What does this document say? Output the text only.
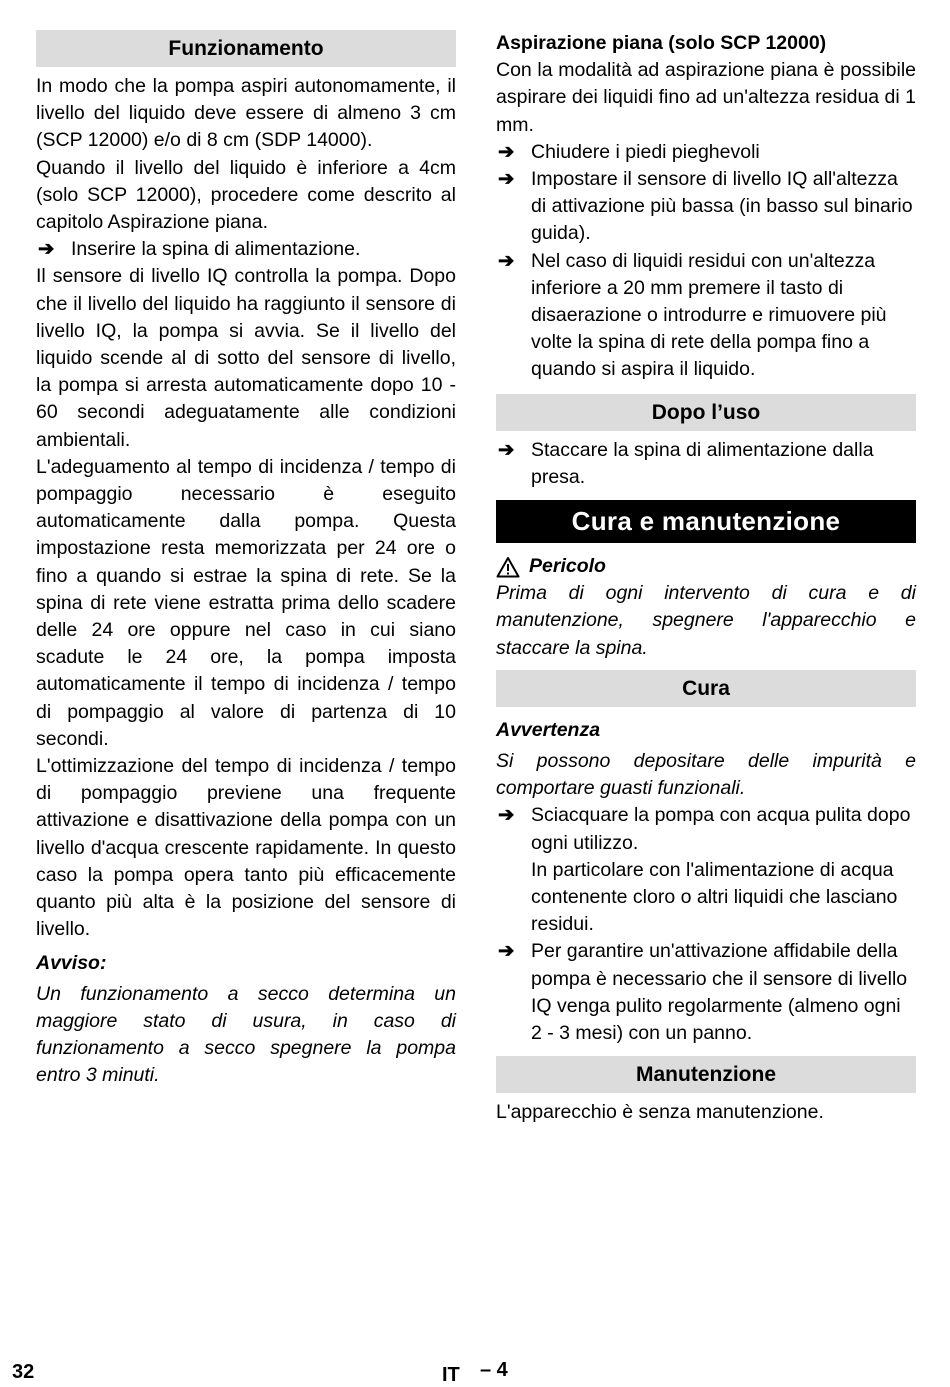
Funzionamento

In modo che la pompa aspiri autonomamente, il livello del liquido deve essere di almeno 3 cm (SCP 12000) e/o di 8 cm (SDP 14000).

Quando il livello del liquido è inferiore a 4cm (solo SCP 12000), procedere come descrito al capitolo Aspirazione piana.

➔ Inserire la spina di alimentazione.

Il sensore di livello IQ controlla la pompa. Dopo che il livello del liquido ha raggiunto il sensore di livello IQ, la pompa si avvia. Se il livello del liquido scende al di sotto del sensore di livello, la pompa si arresta automaticamente dopo 10 - 60 secondi adeguatamente alle condizioni ambientali.

L'adeguamento al tempo di incidenza / tempo di pompaggio necessario è eseguito automaticamente dalla pompa. Questa impostazione resta memorizzata per 24 ore o fino a quando si estrae la spina di rete. Se la spina di rete viene estratta prima dello scadere delle 24 ore oppure nel caso in cui siano scadute le 24 ore, la pompa imposta automaticamente il tempo di incidenza / tempo di pompaggio al valore di partenza di 10 secondi.

L'ottimizzazione del tempo di incidenza / tempo di pompaggio previene una frequente attivazione e disattivazione della pompa con un livello d'acqua crescente rapidamente. In questo caso la pompa opera tanto più efficacemente quanto più alta è la posizione del sensore di livello.

Avviso:

Un funzionamento a secco determina un maggiore stato di usura, in caso di funzionamento a secco spegnere la pompa entro 3 minuti.

Aspirazione piana (solo SCP 12000)

Con la modalità ad aspirazione piana è possibile aspirare dei liquidi fino ad un'altezza residua di 1 mm.

➔ Chiudere i piedi pieghevoli

➔ Impostare il sensore di livello IQ all'altezza di attivazione più bassa (in basso sul binario guida).

➔ Nel caso di liquidi residui con un'altezza inferiore a 20 mm premere il tasto di disaerazione o introdurre e rimuovere più volte la spina di rete della pompa fino a quando si aspira il liquido.

Dopo l’uso

➔ Staccare la spina di alimentazione dalla presa.

Cura e manutenzione

Pericolo

Prima di ogni intervento di cura e di manutenzione, spegnere l'apparecchio e staccare la spina.

Cura

Avvertenza

Si possono depositare delle impurità e comportare guasti funzionali.

➔ Sciacquare la pompa con acqua pulita dopo ogni utilizzo.

In particolare con l'alimentazione di acqua contenente cloro o altri liquidi che lasciano residui.

➔ Per garantire un'attivazione affidabile della pompa è necessario che il sensore di livello IQ venga pulito regolarmente (almeno ogni 2 - 3 mesi) con un panno.

Manutenzione

L'apparecchio è senza manutenzione.

32	IT – 4
